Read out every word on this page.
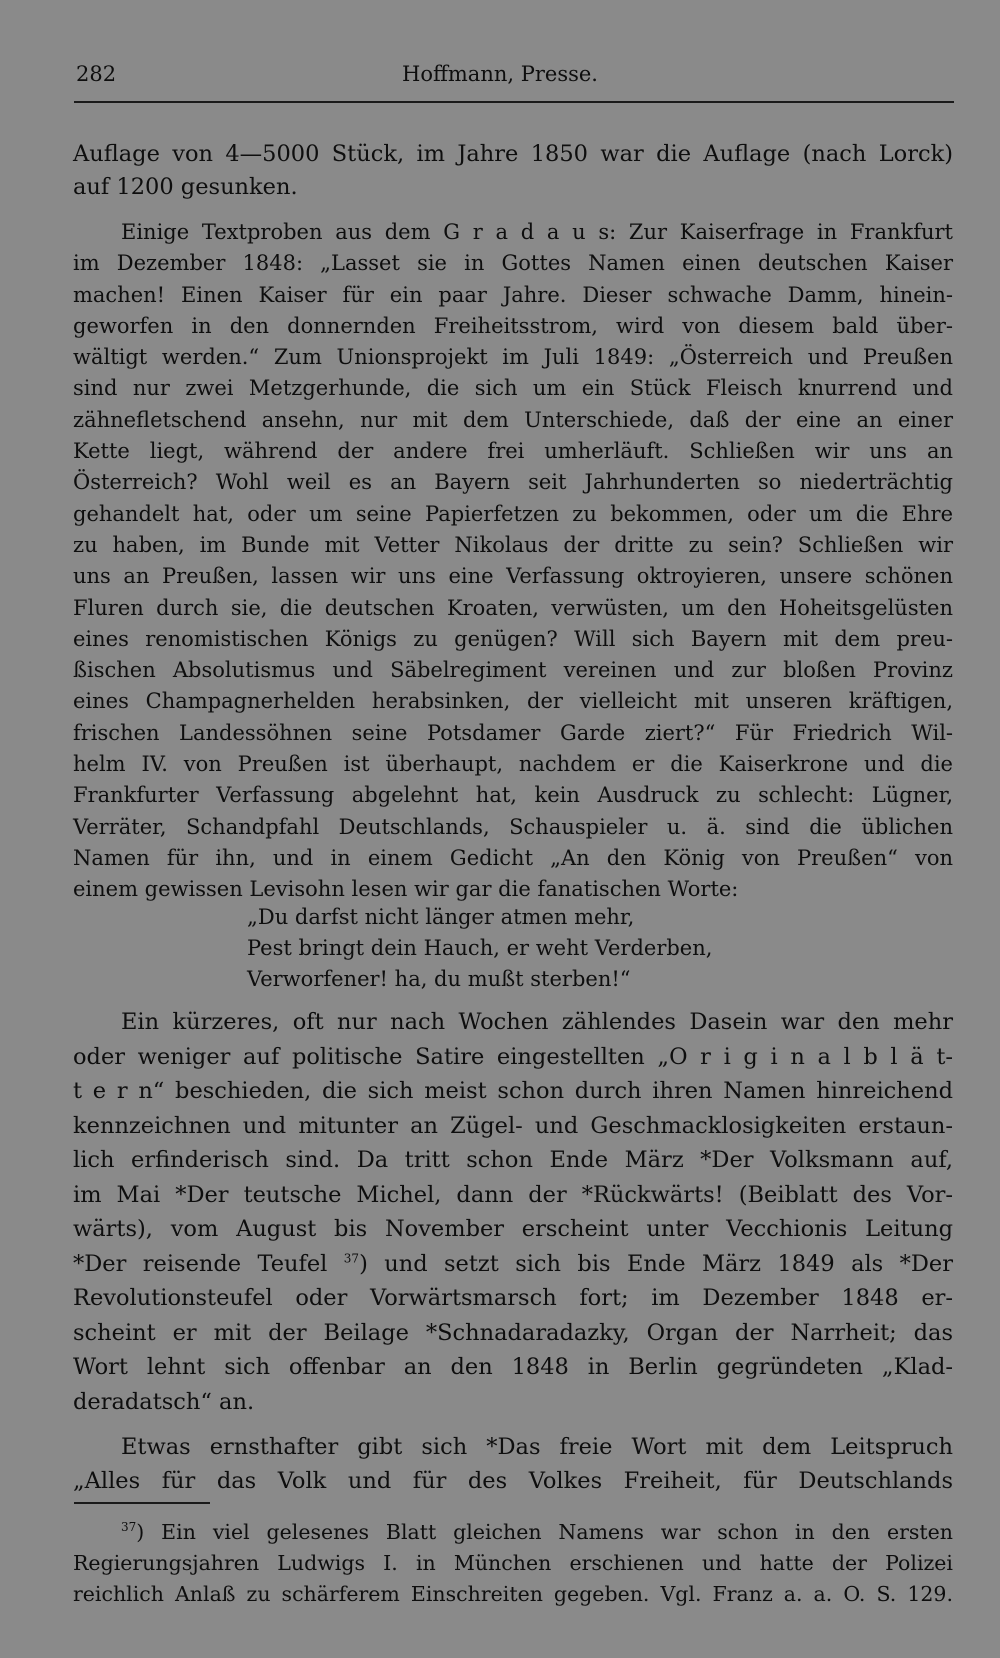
282	Hoffmann, Presse.
Auflage von 4—5000 Stück, im Jahre 1850 war die Auflage (nach Lorck)
auf 1200 gesunken.
Einige Textproben aus dem G r a d a u s: Zur Kaiserfrage in Frankfurt
im Dezember 1848: „Lasset sie in Gottes Namen einen deutschen Kaiser
machen! Einen Kaiser für ein paar Jahre. Dieser schwache Damm, hinein-
geworfen in den donnernden Freiheitsstrom, wird von diesem bald über-
wältigt werden.“ Zum Unionsprojekt im Juli 1849: „Österreich und Preußen
sind nur zwei Metzgerhunde, die sich um ein Stück Fleisch knurrend und
zähnefletschend ansehn, nur mit dem Unterschiede, daß der eine an einer
Kette liegt, während der andere frei umherläuft. Schließen wir uns an
Österreich? Wohl weil es an Bayern seit Jahrhunderten so niederträchtig
gehandelt hat, oder um seine Papierfetzen zu bekommen, oder um die Ehre
zu haben, im Bunde mit Vetter Nikolaus der dritte zu sein? Schließen wir
uns an Preußen, lassen wir uns eine Verfassung oktroyieren, unsere schönen
Fluren durch sie, die deutschen Kroaten, verwüsten, um den Hoheitsgelüsten
eines renomistischen Königs zu genügen? Will sich Bayern mit dem preu-
ßischen Absolutismus und Säbelregiment vereinen und zur bloßen Provinz
eines Champagnerhelden herabsinken, der vielleicht mit unseren kräftigen,
frischen Landessöhnen seine Potsdamer Garde ziert?“ Für Friedrich Wil-
helm IV. von Preußen ist überhaupt, nachdem er die Kaiserkrone und die
Frankfurter Verfassung abgelehnt hat, kein Ausdruck zu schlecht: Lügner,
Verräter, Schandpfahl Deutschlands, Schauspieler u. ä. sind die üblichen
Namen für ihn, und in einem Gedicht „An den König von Preußen“ von
einem gewissen Levisohn lesen wir gar die fanatischen Worte:
„Du darfst nicht länger atmen mehr,
Pest bringt dein Hauch, er weht Verderben,
Verworfener! ha, du mußt sterben!“
Ein kürzeres, oft nur nach Wochen zählendes Dasein war den mehr
oder weniger auf politische Satire eingestellten „O r i g i n a l b l ä t-
t e r n“ beschieden, die sich meist schon durch ihren Namen hinreichend
kennzeichnen und mitunter an Zügel- und Geschmacklosigkeiten erstaun-
lich erfinderisch sind. Da tritt schon Ende März *Der Volksmann auf,
im Mai *Der teutsche Michel, dann der *Rückwärts! (Beiblatt des Vor-
wärts), vom August bis November erscheint unter Vecchionis Leitung
*Der reisende Teufel $^{37}$) und setzt sich bis Ende März 1849 als *Der
Revolutionsteufel oder Vorwärtsmarsch fort; im Dezember 1848 er-
scheint er mit der Beilage *Schnadaradazky, Organ der Narrheit; das
Wort lehnt sich offenbar an den 1848 in Berlin gegründeten „Klad-
deradatsch“ an.
Etwas ernsthafter gibt sich *Das freie Wort mit dem Leitspruch
„Alles für das Volk und für des Volkes Freiheit, für Deutschlands
$^{37}$) Ein viel gelesenes Blatt gleichen Namens war schon in den ersten
Regierungsjahren Ludwigs I. in München erschienen und hatte der Polizei
reichlich Anlaß zu schärferem Einschreiten gegeben. Vgl. Franz a. a. O. S. 129.
